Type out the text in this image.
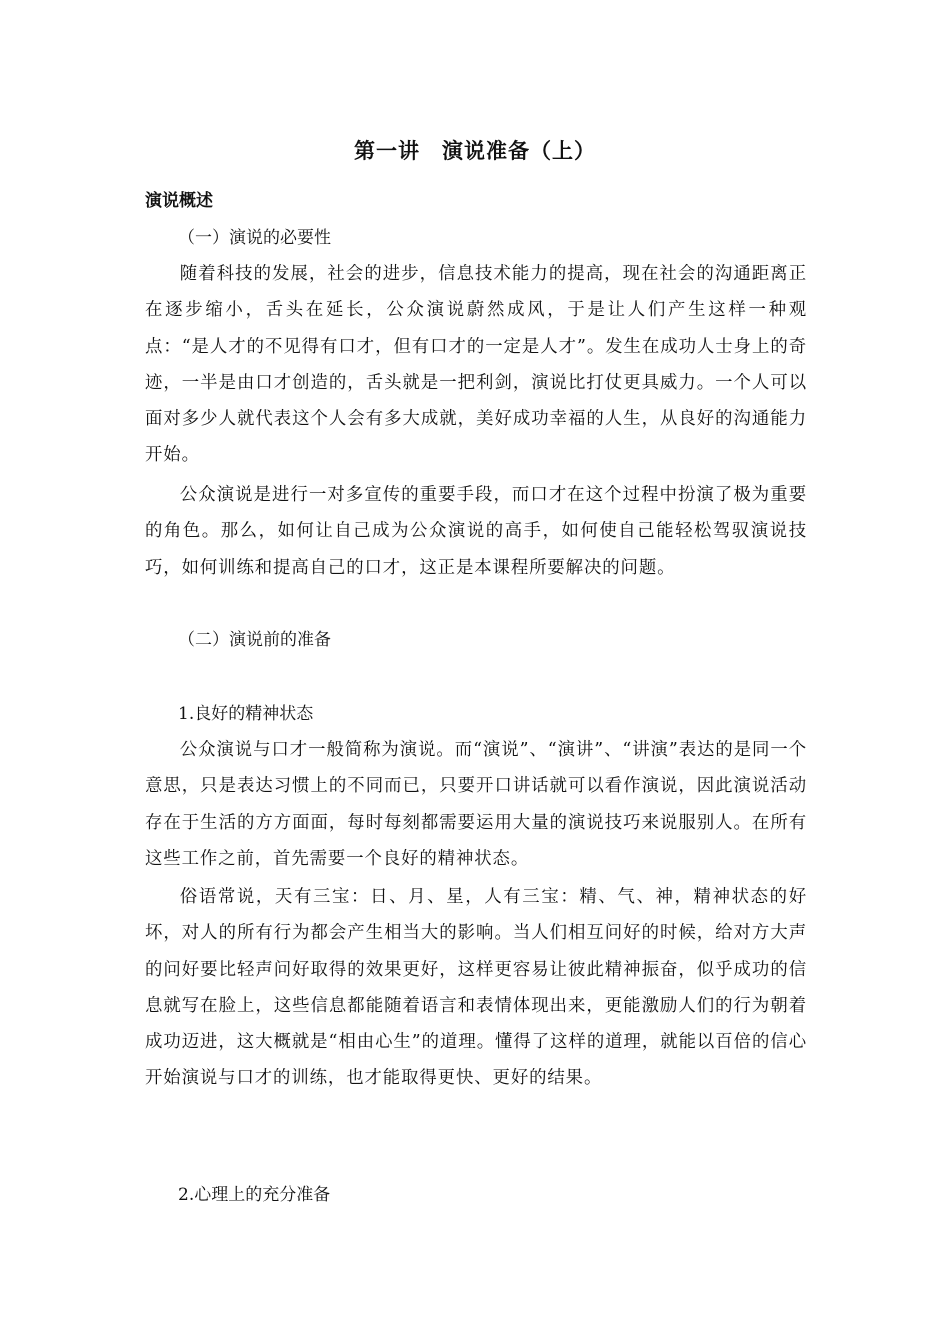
第一讲　演说准备（上）
演说概述
（一）演说的必要性

随着科技的发展，社会的进步，信息技术能力的提高，现在社会的沟通距离正在逐步缩小，舌头在延长，公众演说蔚然成风，于是让人们产生这样一种观点：“是人才的不见得有口才，但有口才的一定是人才”。发生在成功人士身上的奇迹，一半是由口才创造的，舌头就是一把利剑，演说比打仗更具威力。一个人可以面对多少人就代表这个人会有多大成就，美好成功幸福的人生，从良好的沟通能力开始。

公众演说是进行一对多宣传的重要手段，而口才在这个过程中扮演了极为重要的角色。那么，如何让自己成为公众演说的高手，如何使自己能轻松驾驭演说技巧，如何训练和提高自己的口才，这正是本课程所要解决的问题。

（二）演说前的准备
1.良好的精神状态

公众演说与口才一般简称为演说。而“演说”、“演讲”、“讲演”表达的是同一个意思，只是表达习惯上的不同而已，只要开口讲话就可以看作演说，因此演说活动存在于生活的方方面面，每时每刻都需要运用大量的演说技巧来说服别人。在所有这些工作之前，首先需要一个良好的精神状态。

俗语常说，天有三宝：日、月、星，人有三宝：精、气、神，精神状态的好坏，对人的所有行为都会产生相当大的影响。当人们相互问好的时候，给对方大声的问好要比轻声问好取得的效果更好，这样更容易让彼此精神振奋，似乎成功的信息就写在脸上，这些信息都能随着语言和表情体现出来，更能激励人们的行为朝着成功迈进，这大概就是“相由心生”的道理。懂得了这样的道理，就能以百倍的信心开始演说与口才的训练，也才能取得更快、更好的结果。

2.心理上的充分准备
